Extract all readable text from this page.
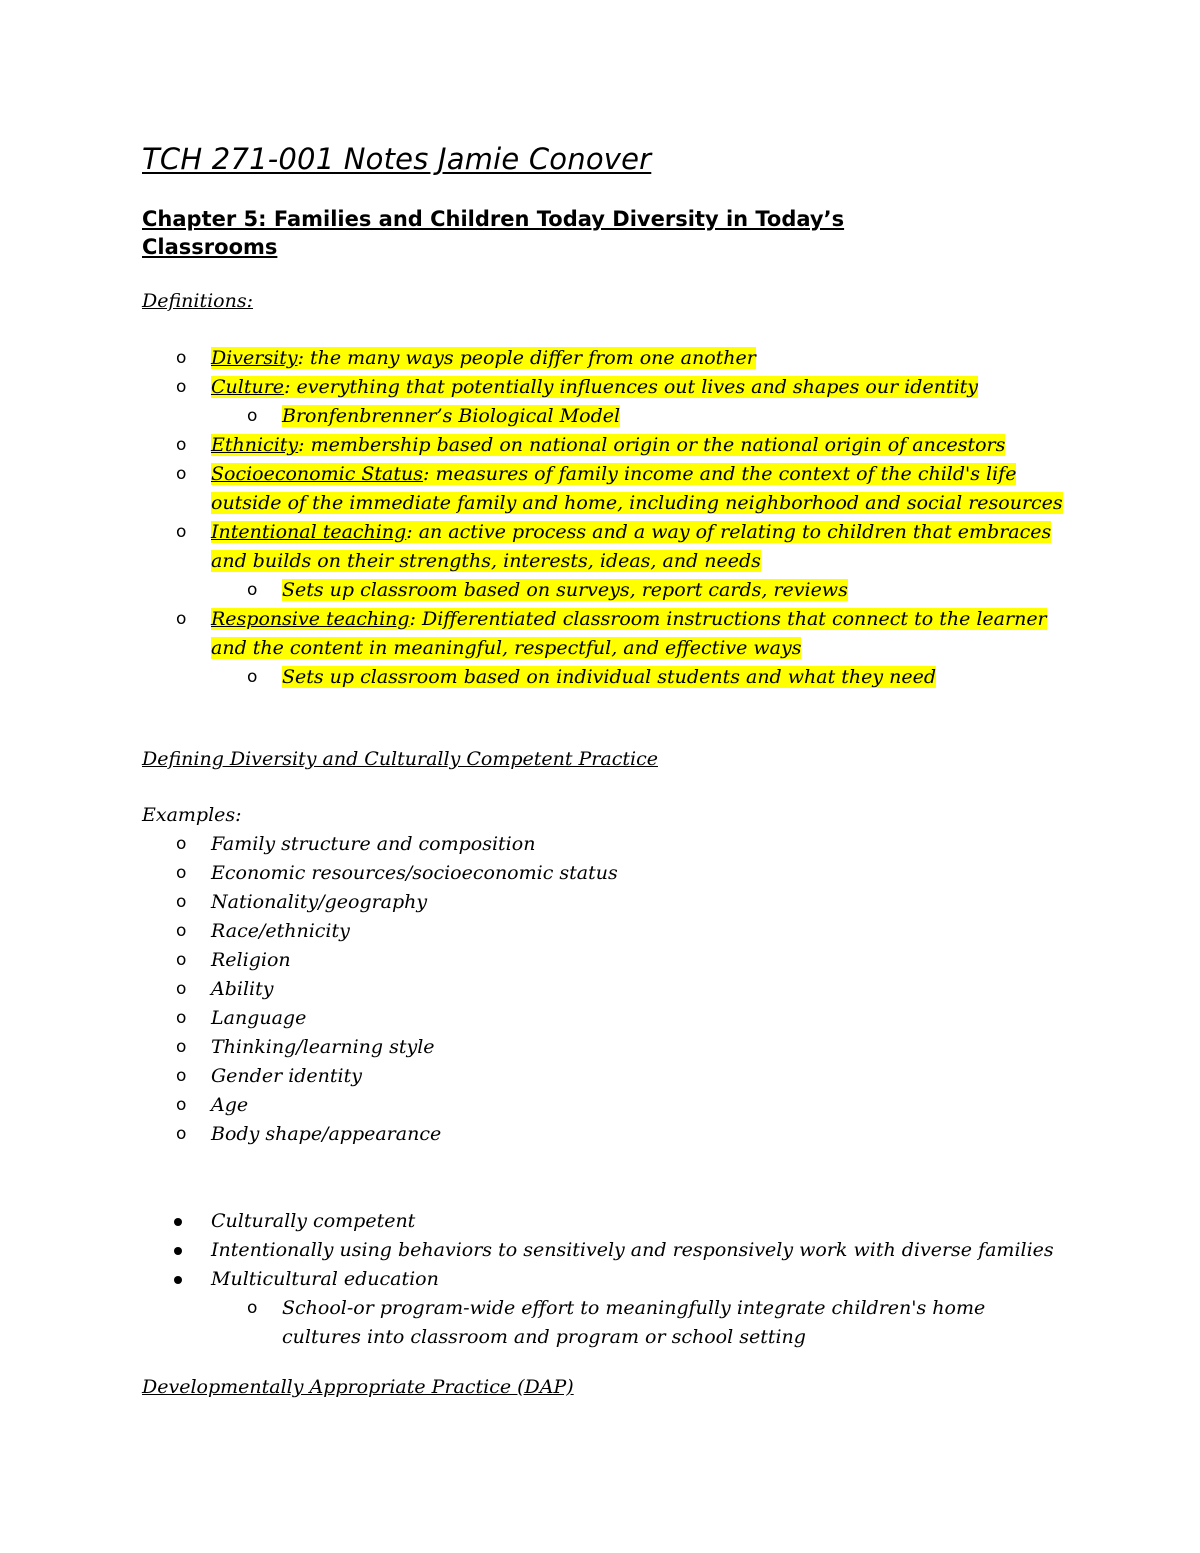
TCH 271-001 Notes Jamie Conover
Chapter 5: Families and Children Today Diversity in Today’s Classrooms
Definitions:
o Diversity: the many ways people differ from one another
o Culture: everything that potentially influences out lives and shapes our identity
o Bronfenbrenner’s Biological Model
o Ethnicity: membership based on national origin or the national origin of ancestors
o Socioeconomic Status: measures of family income and the context of the child's life outside of the immediate family and home, including neighborhood and social resources
o Intentional teaching: an active process and a way of relating to children that embraces and builds on their strengths, interests, ideas, and needs
o Sets up classroom based on surveys, report cards, reviews
o Responsive teaching: Differentiated classroom instructions that connect to the learner and the content in meaningful, respectful, and effective ways
o Sets up classroom based on individual students and what they need
Defining Diversity and Culturally Competent Practice
Examples:
o Family structure and composition
o Economic resources/socioeconomic status
o Nationality/geography
o Race/ethnicity
o Religion
o Ability
o Language
o Thinking/learning style
o Gender identity
o Age
o Body shape/appearance
Culturally competent
Intentionally using behaviors to sensitively and responsively work with diverse families
Multicultural education
o School-or program-wide effort to meaningfully integrate children's home cultures into classroom and program or school setting
Developmentally Appropriate Practice (DAP)
